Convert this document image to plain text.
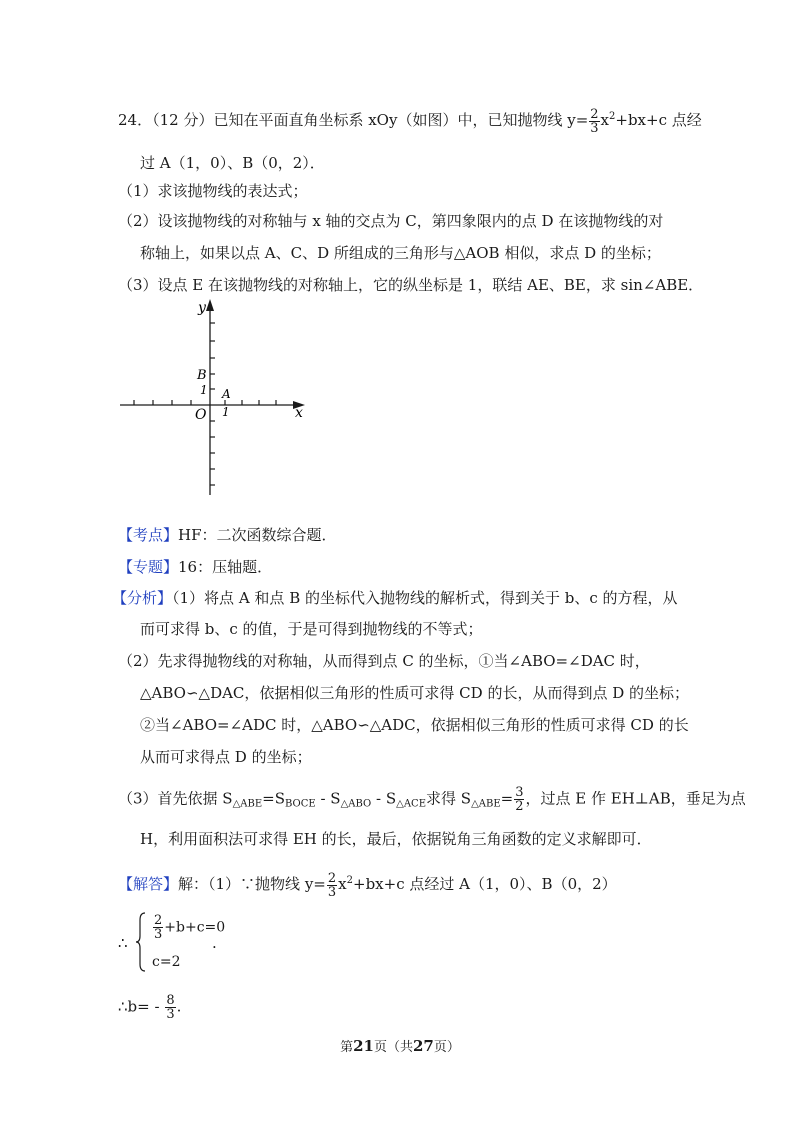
24．（12 分）已知在平面直角坐标系 xOy（如图）中，已知抛物线 $y= \frac{2}{3} x^2+bx+c$ 点经
过 A（1，0）、B（0，2）．
（1）求该抛物线的表达式；
（2）设该抛物线的对称轴与 x 轴的交点为 C，第四象限内的点 D 在该抛物线的对
称轴上，如果以点 A、C、D 所组成的三角形与△AOB 相似，求点 D 的坐标；
（3）设点 E 在该抛物线的对称轴上，它的纵坐标是 1，联结 AE、BE，求 sin∠ABE．
y
x
O
B
A
1
1
【考点】HF：二次函数综合题．
【专题】16：压轴题．
【分析】（1）将点 A 和点 B 的坐标代入抛物线的解析式，得到关于 b、c 的方程，从
而可求得 b、c 的值，于是可得到抛物线的不等式；
（2）先求得抛物线的对称轴，从而得到点 C 的坐标，①当∠ABO=∠DAC 时，
△ABO∽△DAC，依据相似三角形的性质可求得 CD 的长，从而得到点 D 的坐标；
②当∠ABO=∠ADC 时，△ABO∽△ADC，依据相似三角形的性质可求得 CD 的长
从而可求得点 D 的坐标；
（3）首先依据 $S_{\triangle ABE}=S_{BOCE} - S_{\triangle ABO} - S_{\triangle ACE}$求得 $S_{\triangle ABE}= \frac{3}{2}$ ，过点 E 作 EH⊥AB，垂足为点
H，利用面积法可求得 EH 的长，最后，依据锐角三角函数的定义求解即可．
【解答】解：（1）∵抛物线 $y= \frac{2}{3} x^2+bx+c$ 点经过 A（1，0）、B（0，2）
∴
$\frac{2}{3} +b+c=0$
c=2
.
∴b= - $\frac{8}{3}$ .
第21页（共27页）
